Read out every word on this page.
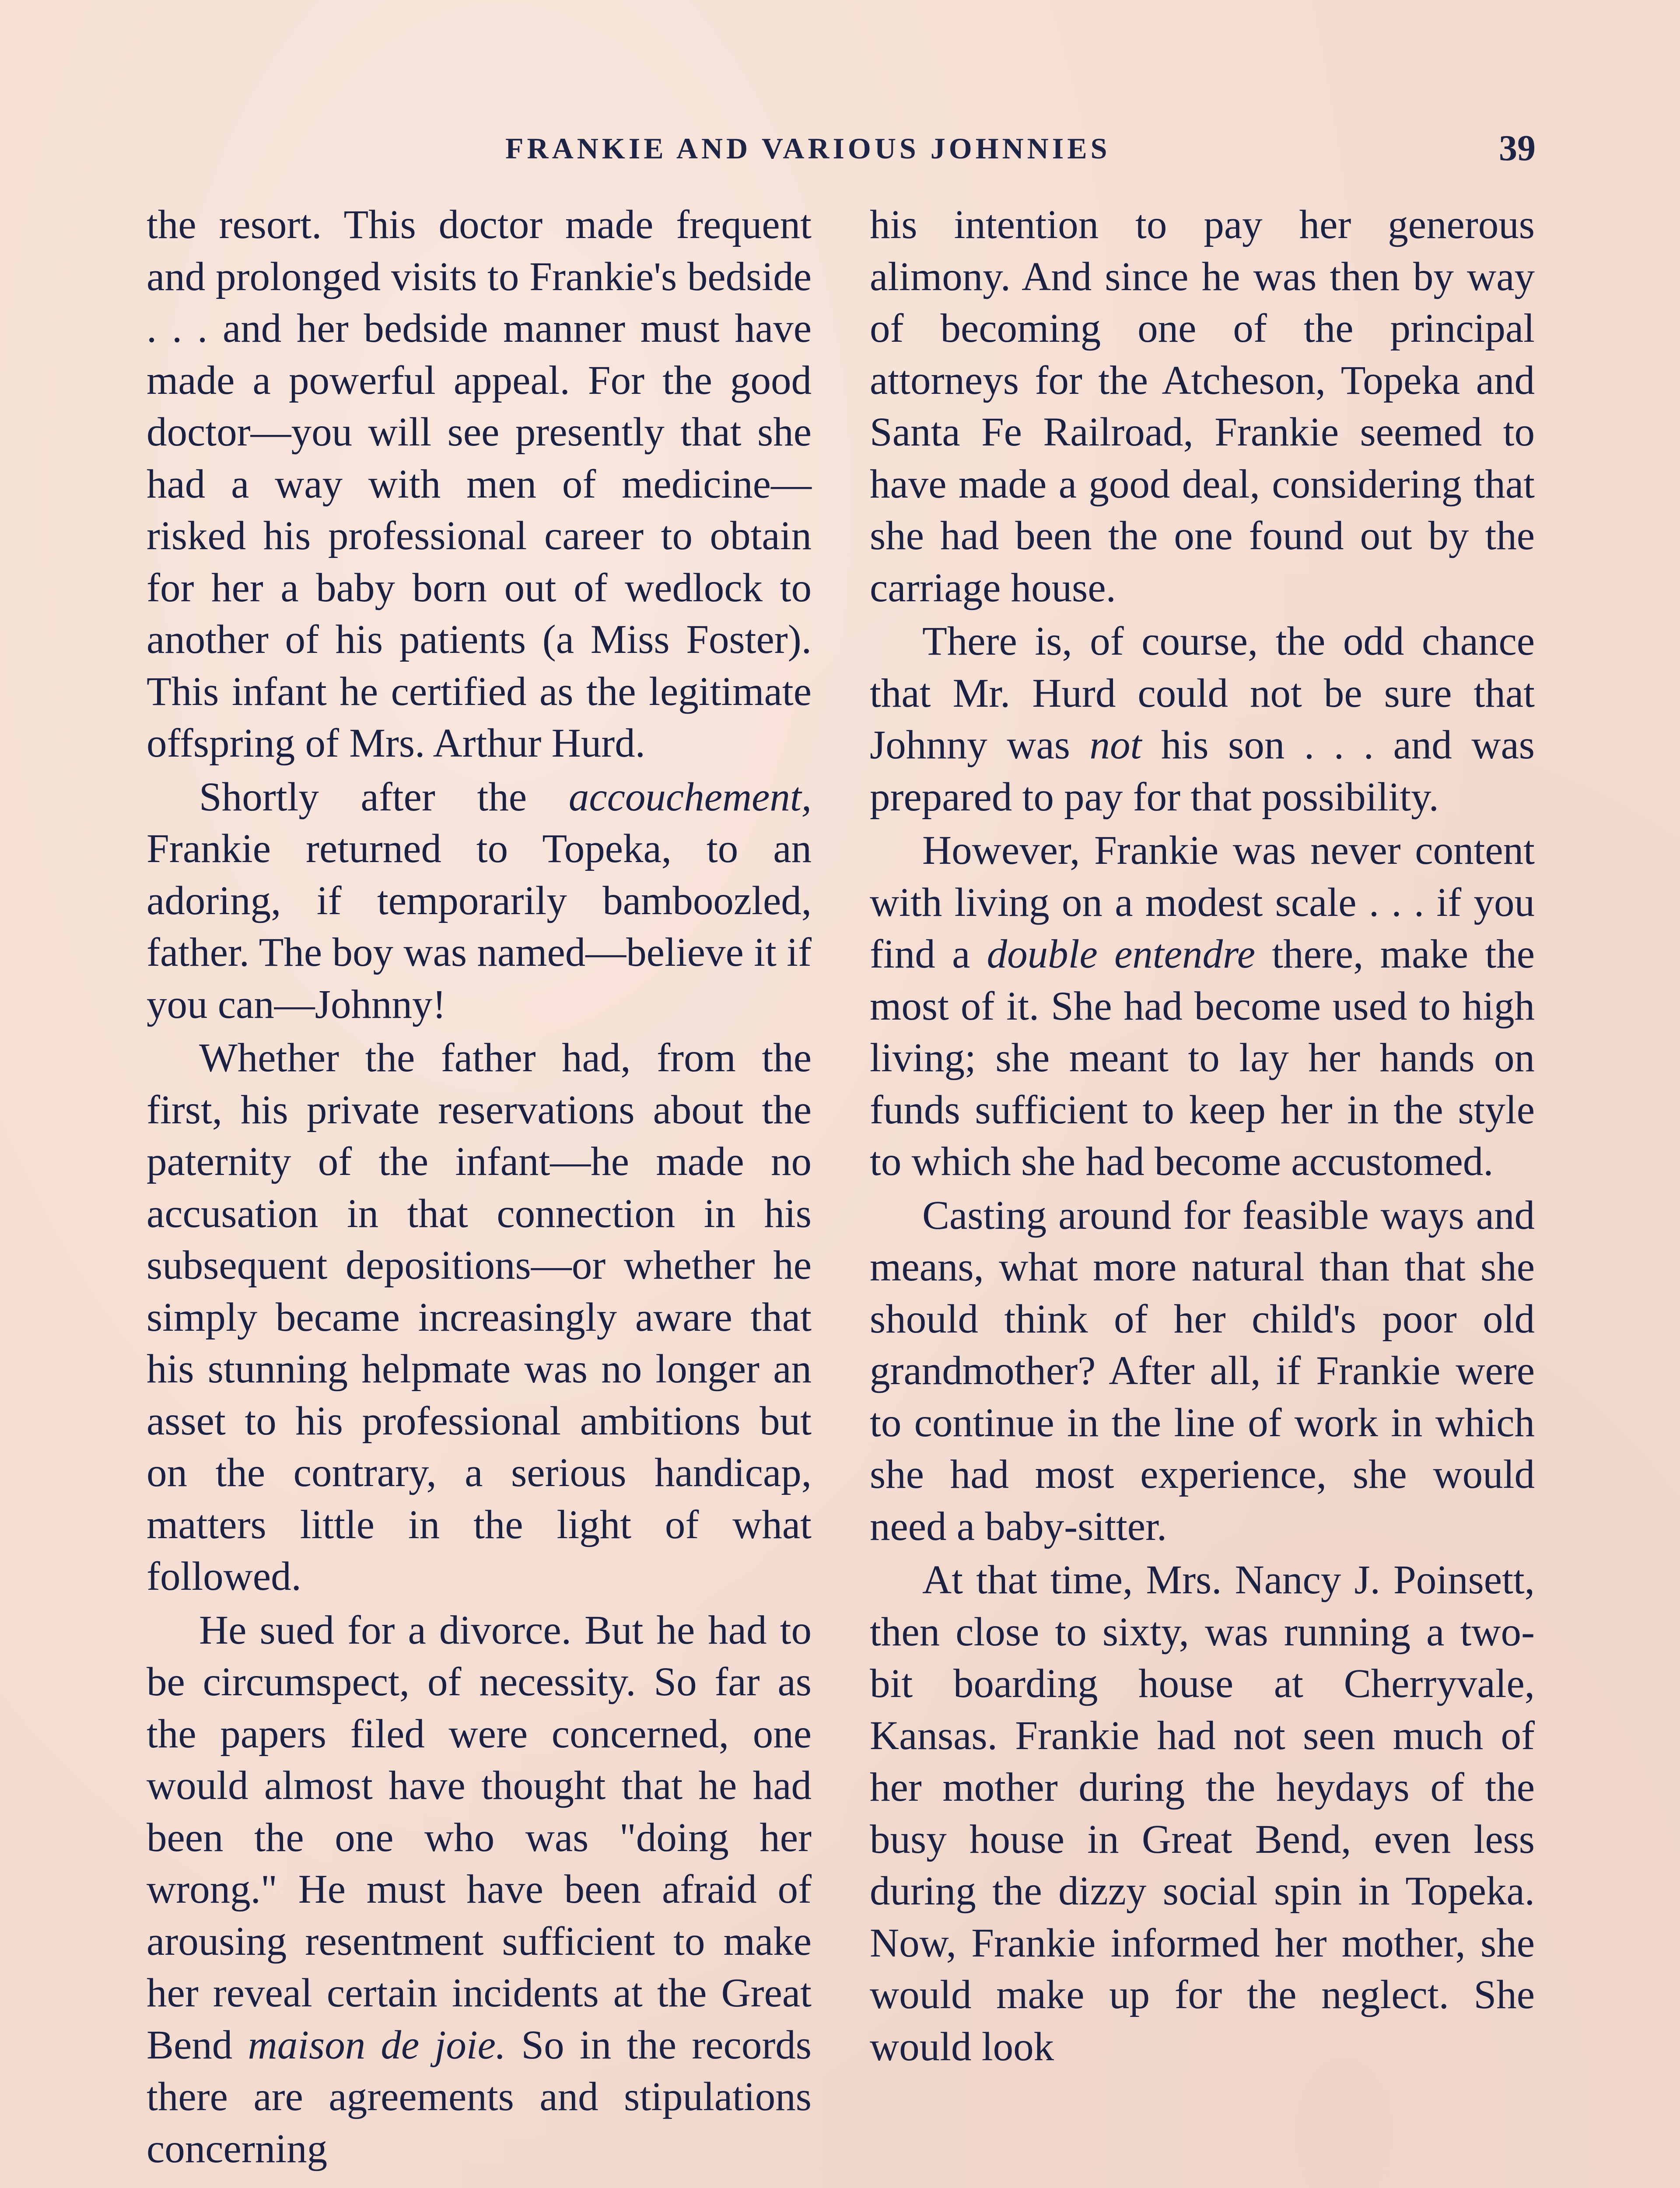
FRANKIE AND VARIOUS JOHNNIES	39

the resort. This doctor made frequent and prolonged visits to Frankie's bedside . . . and her bedside manner must have made a powerful appeal. For the good doctor—you will see presently that she had a way with men of medicine—risked his professional career to obtain for her a baby born out of wedlock to another of his patients (a Miss Foster). This infant he certified as the legitimate offspring of Mrs. Arthur Hurd.

Shortly after the accouchement, Frankie returned to Topeka, to an adoring, if temporarily bamboozled, father. The boy was named—believe it if you can—Johnny!

Whether the father had, from the first, his private reservations about the paternity of the infant—he made no accusation in that connection in his subsequent depositions—or whether he simply became increasingly aware that his stunning helpmate was no longer an asset to his professional ambitions but on the contrary, a serious handicap, matters little in the light of what followed.

He sued for a divorce. But he had to be circumspect, of necessity. So far as the papers filed were concerned, one would almost have thought that he had been the one who was "doing her wrong." He must have been afraid of arousing resentment sufficient to make her reveal certain incidents at the Great Bend maison de joie. So in the records there are agreements and stipulations concerning

his intention to pay her generous alimony. And since he was then by way of becoming one of the principal attorneys for the Atcheson, Topeka and Santa Fe Railroad, Frankie seemed to have made a good deal, considering that she had been the one found out by the carriage house.

There is, of course, the odd chance that Mr. Hurd could not be sure that Johnny was not his son . . . and was prepared to pay for that possibility.

However, Frankie was never content with living on a modest scale . . . if you find a double entendre there, make the most of it. She had become used to high living; she meant to lay her hands on funds sufficient to keep her in the style to which she had become accustomed.

Casting around for feasible ways and means, what more natural than that she should think of her child's poor old grandmother? After all, if Frankie were to continue in the line of work in which she had most experience, she would need a baby-sitter.

At that time, Mrs. Nancy J. Poinsett, then close to sixty, was running a two-bit boarding house at Cherryvale, Kansas. Frankie had not seen much of her mother during the heydays of the busy house in Great Bend, even less during the dizzy social spin in Topeka. Now, Frankie informed her mother, she would make up for the neglect. She would look
